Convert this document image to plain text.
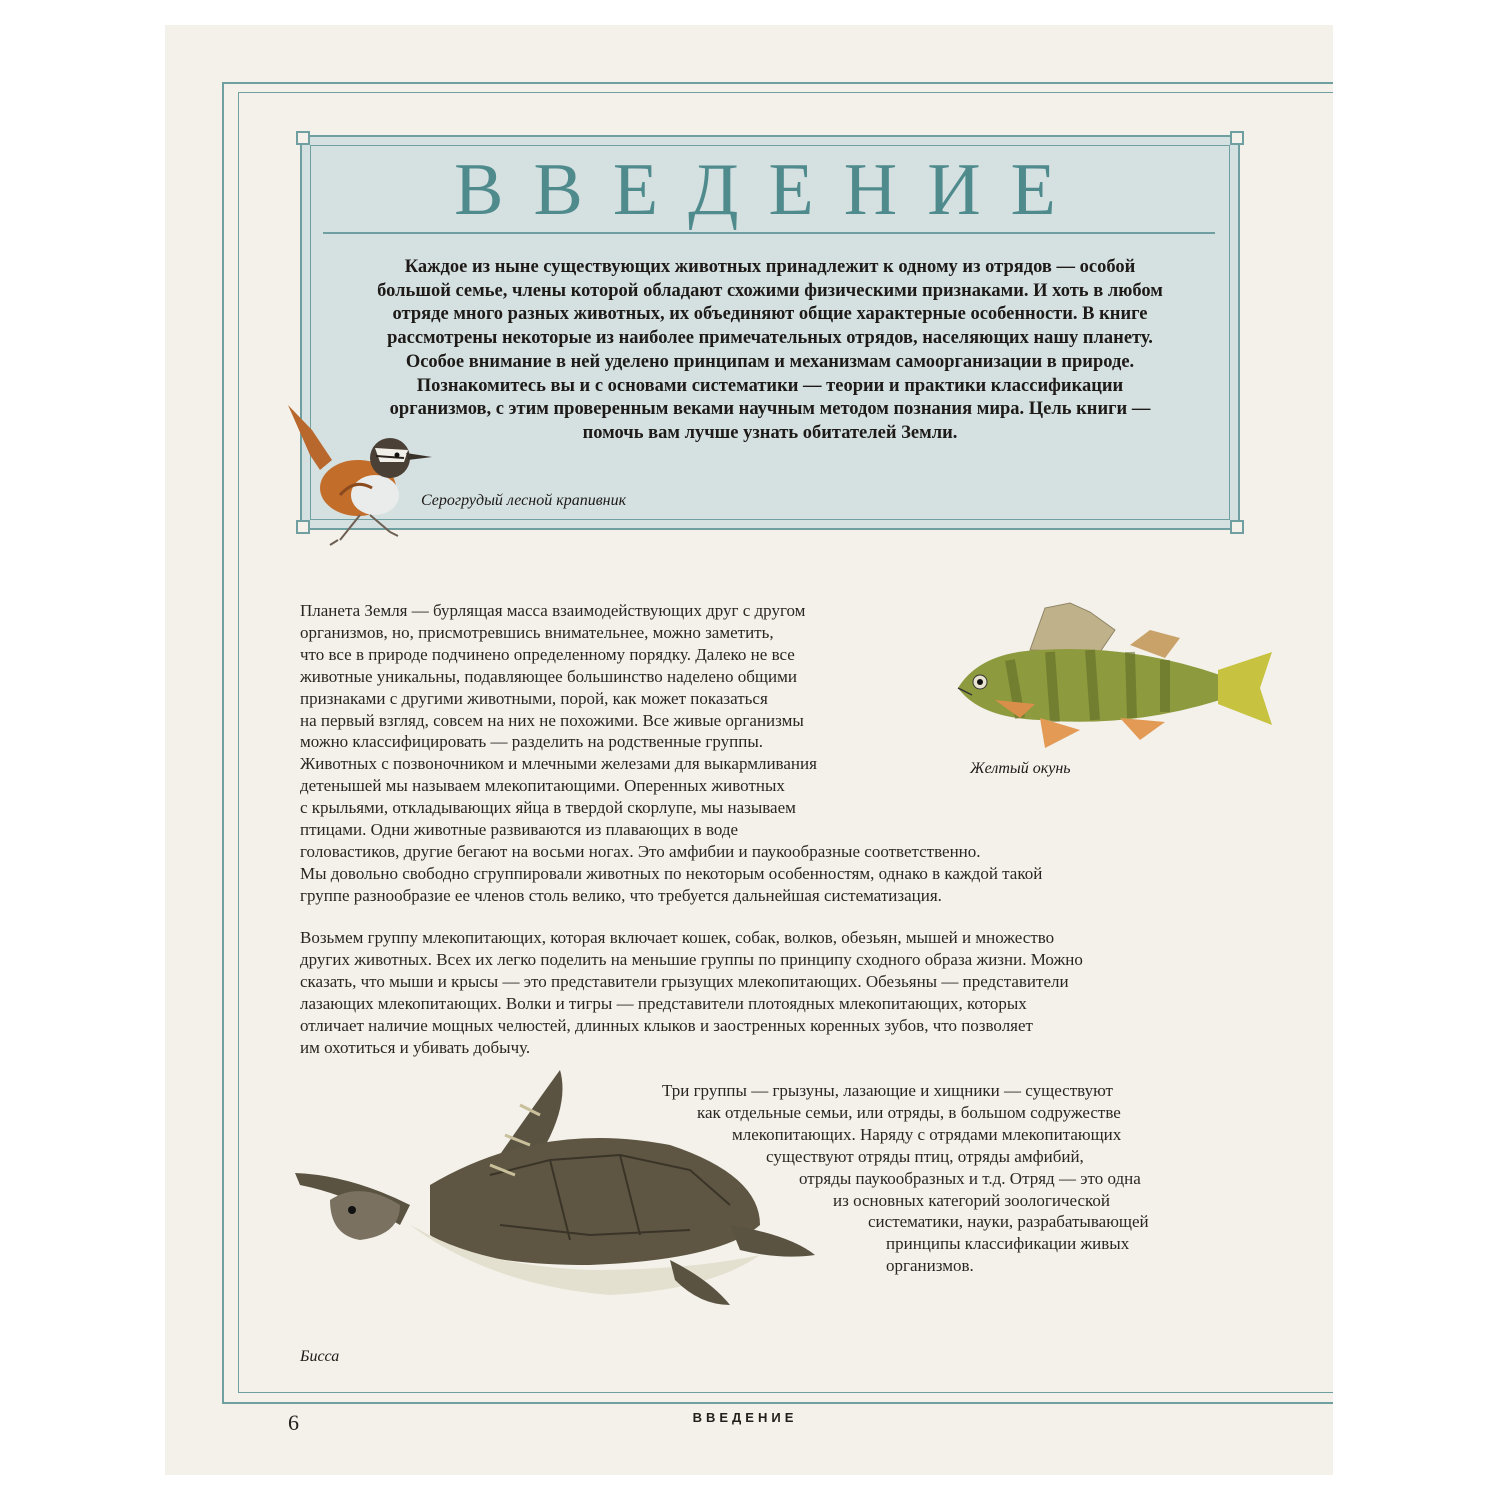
ВВЕДЕНИЕ
Каждое из ныне существующих животных принадлежит к одному из отрядов — особой
большой семье, члены которой обладают схожими физическими признаками. И хоть в любом
отряде много разных животных, их объединяют общие характерные особенности. В книге
рассмотрены некоторые из наиболее примечательных отрядов, населяющих нашу планету.
Особое внимание в ней уделено принципам и механизмам самоорганизации в природе.
Познакомитесь вы и с основами систематики — теории и практики классификации
организмов, с этим проверенным веками научным методом познания мира. Цель книги —
помочь вам лучше узнать обитателей Земли.
Серогрудый лесной крапивник
Желтый окунь
Планета Земля — бурлящая масса взаимодействующих друг с другом
организмов, но, присмотревшись внимательнее, можно заметить,
что все в природе подчинено определенному порядку. Далеко не все
животные уникальны, подавляющее большинство наделено общими
признаками с другими животными, порой, как может показаться
на первый взгляд, совсем на них не похожими. Все живые организмы
можно классифицировать — разделить на родственные группы.
Животных с позвоночником и млечными железами для выкармливания
детенышей мы называем млекопитающими. Оперенных животных
с крыльями, откладывающих яйца в твердой скорлупе, мы называем
птицами. Одни животные развиваются из плавающих в воде
головастиков, другие бегают на восьми ногах. Это амфибии и паукообразные соответственно.
Мы довольно свободно сгруппировали животных по некоторым особенностям, однако в каждой такой
группе разнообразие ее членов столь велико, что требуется дальнейшая систематизация.
Возьмем группу млекопитающих, которая включает кошек, собак, волков, обезьян, мышей и множество
других животных. Всех их легко поделить на меньшие группы по принципу сходного образа жизни. Можно
сказать, что мыши и крысы — это представители грызущих млекопитающих. Обезьяны — представители
лазающих млекопитающих. Волки и тигры — представители плотоядных млекопитающих, которых
отличает наличие мощных челюстей, длинных клыков и заостренных коренных зубов, что позволяет
им охотиться и убивать добычу.
Три группы — грызуны, лазающие и хищники — существуют
как отдельные семьи, или отряды, в большом содружестве
млекопитающих. Наряду с отрядами млекопитающих
существуют отряды птиц, отряды амфибий,
отряды паукообразных и т.д. Отряд — это одна
из основных категорий зоологической
систематики, науки, разрабатывающей
принципы классификации живых
организмов.
Бисса
6	ВВЕДЕНИЕ
